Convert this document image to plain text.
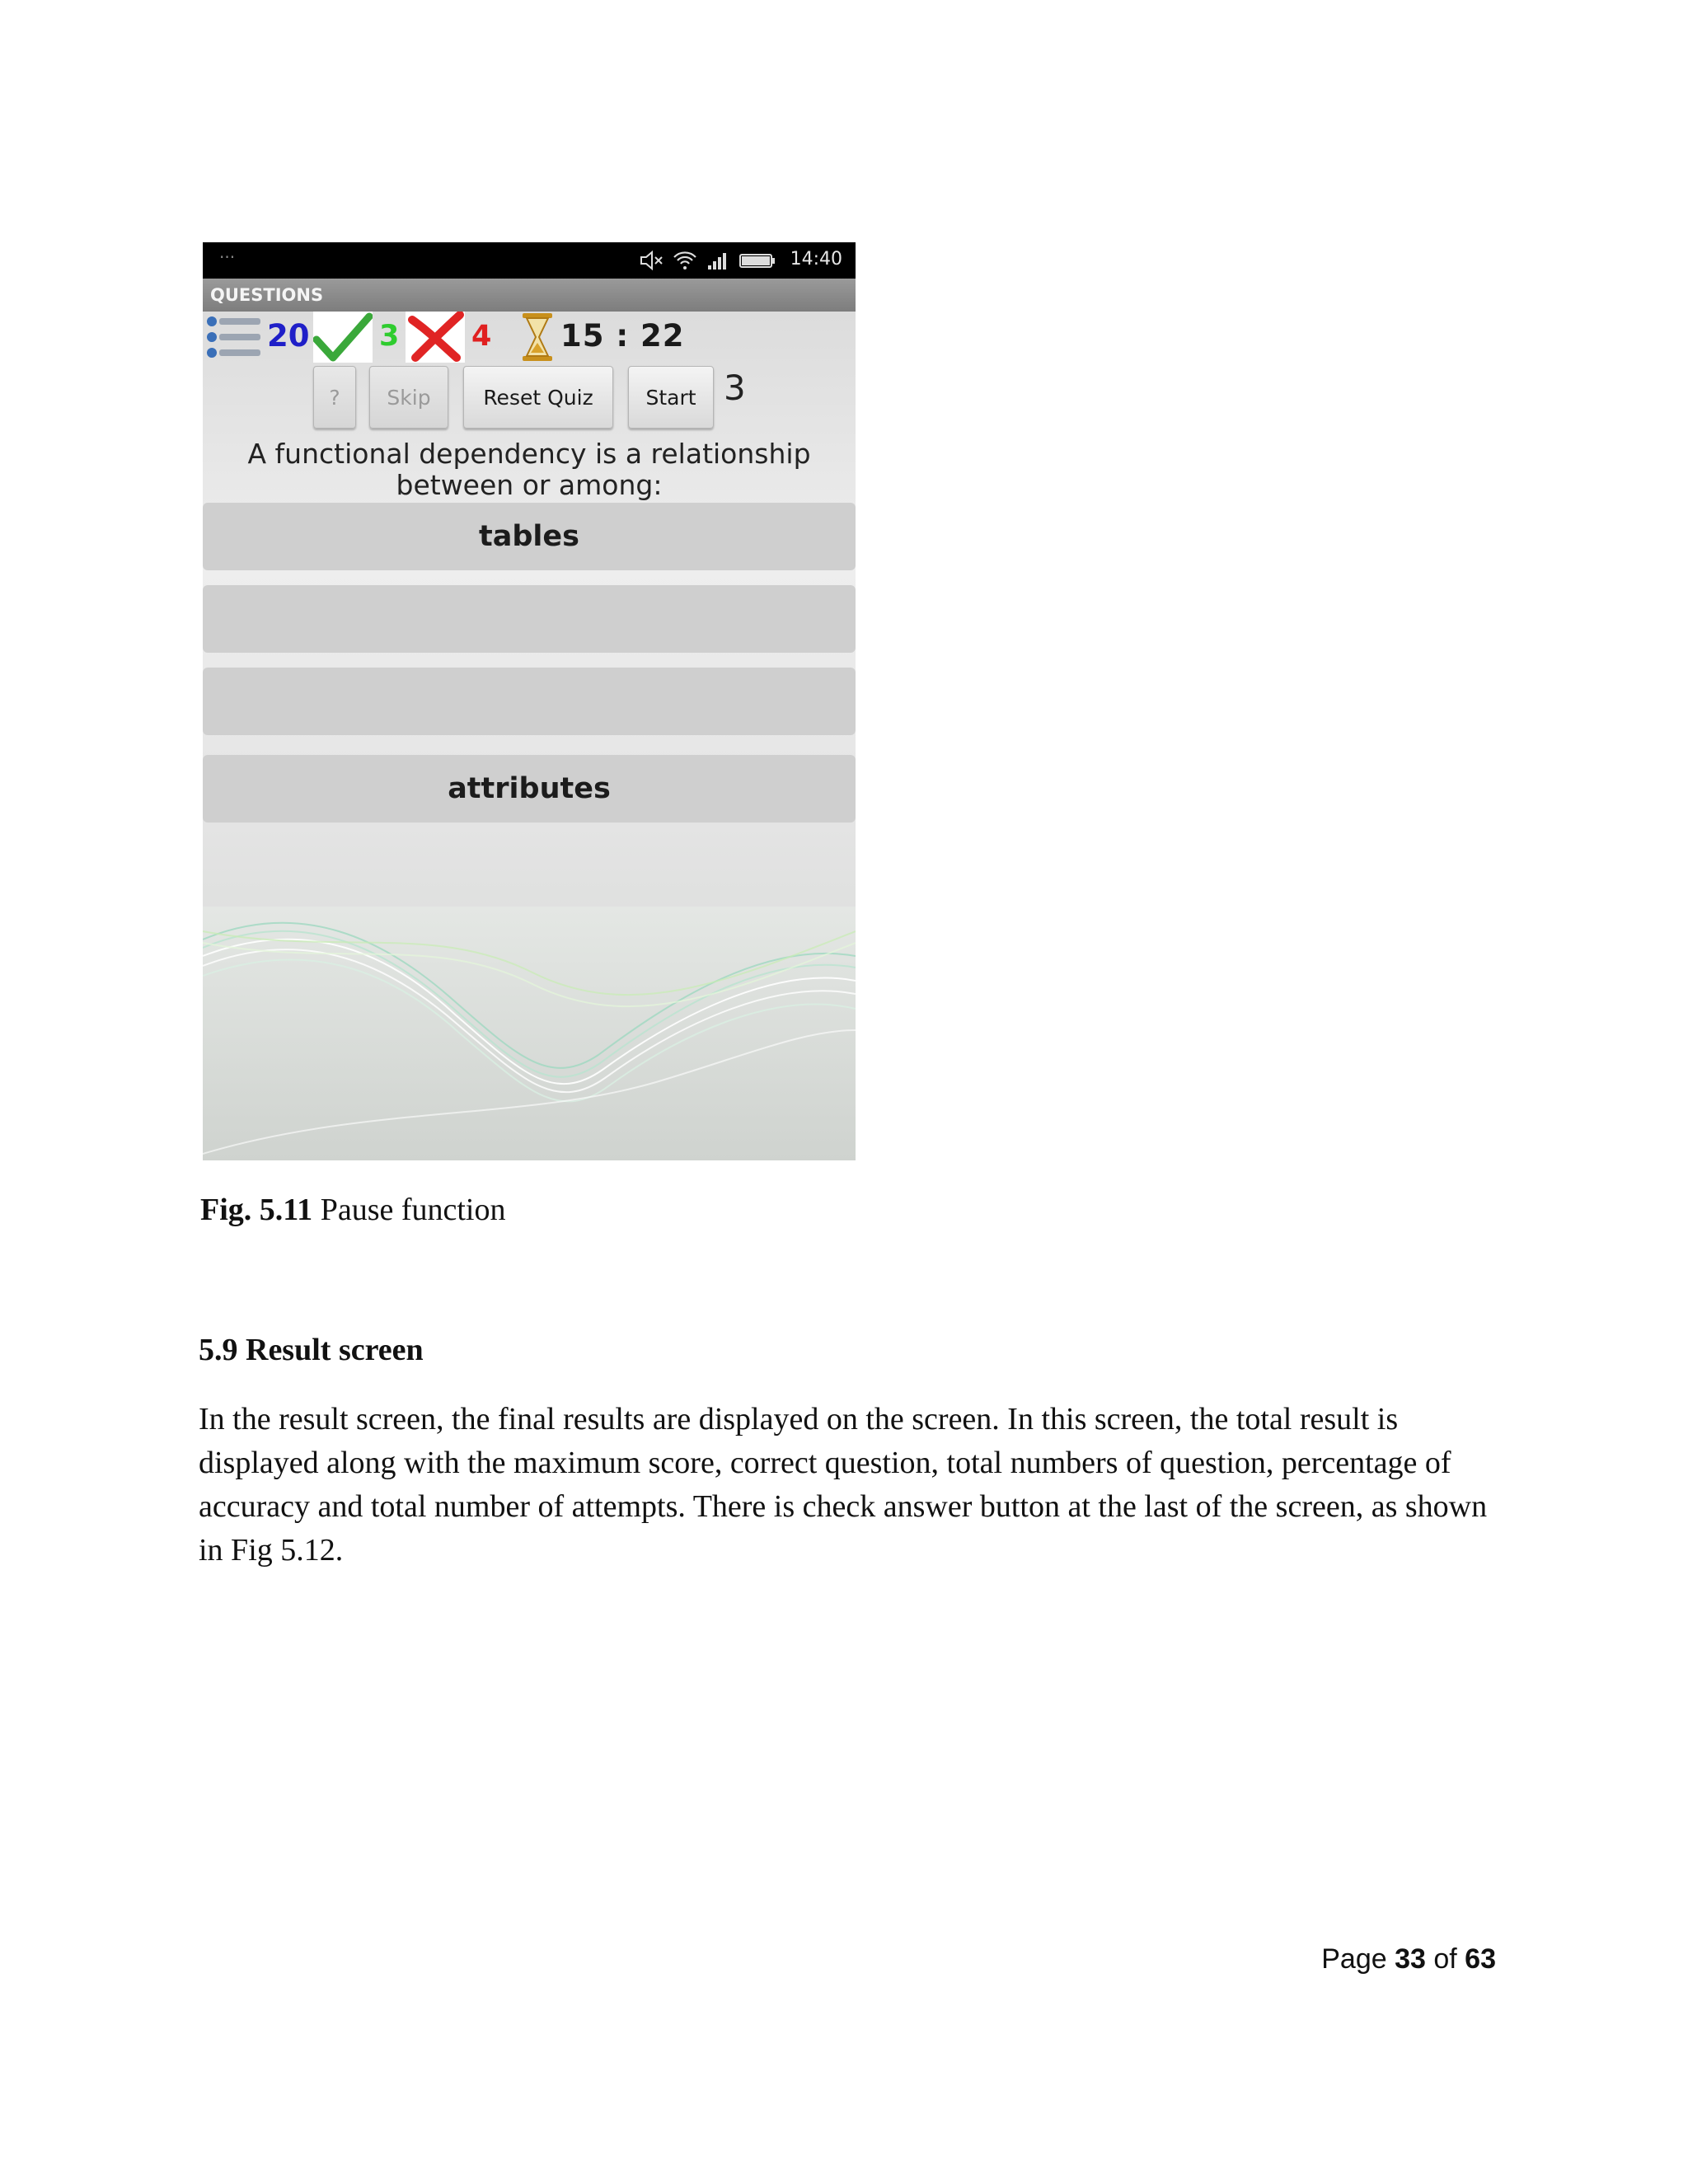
···	14:40
QUESTIONS
20 3	4 15 : 22
?	Skip	Reset Quiz	Start 3
A functional dependency is a relationship
between or among:
tables
attributes

Fig. 5.11 Pause function

5.9 Result screen

In the result screen, the final results are displayed on the screen. In this screen, the total result is displayed along with the maximum score, correct question, total numbers of question, percentage of accuracy and total number of attempts. There is check answer button at the last of the screen, as shown in Fig 5.12.

Page 33 of 63
